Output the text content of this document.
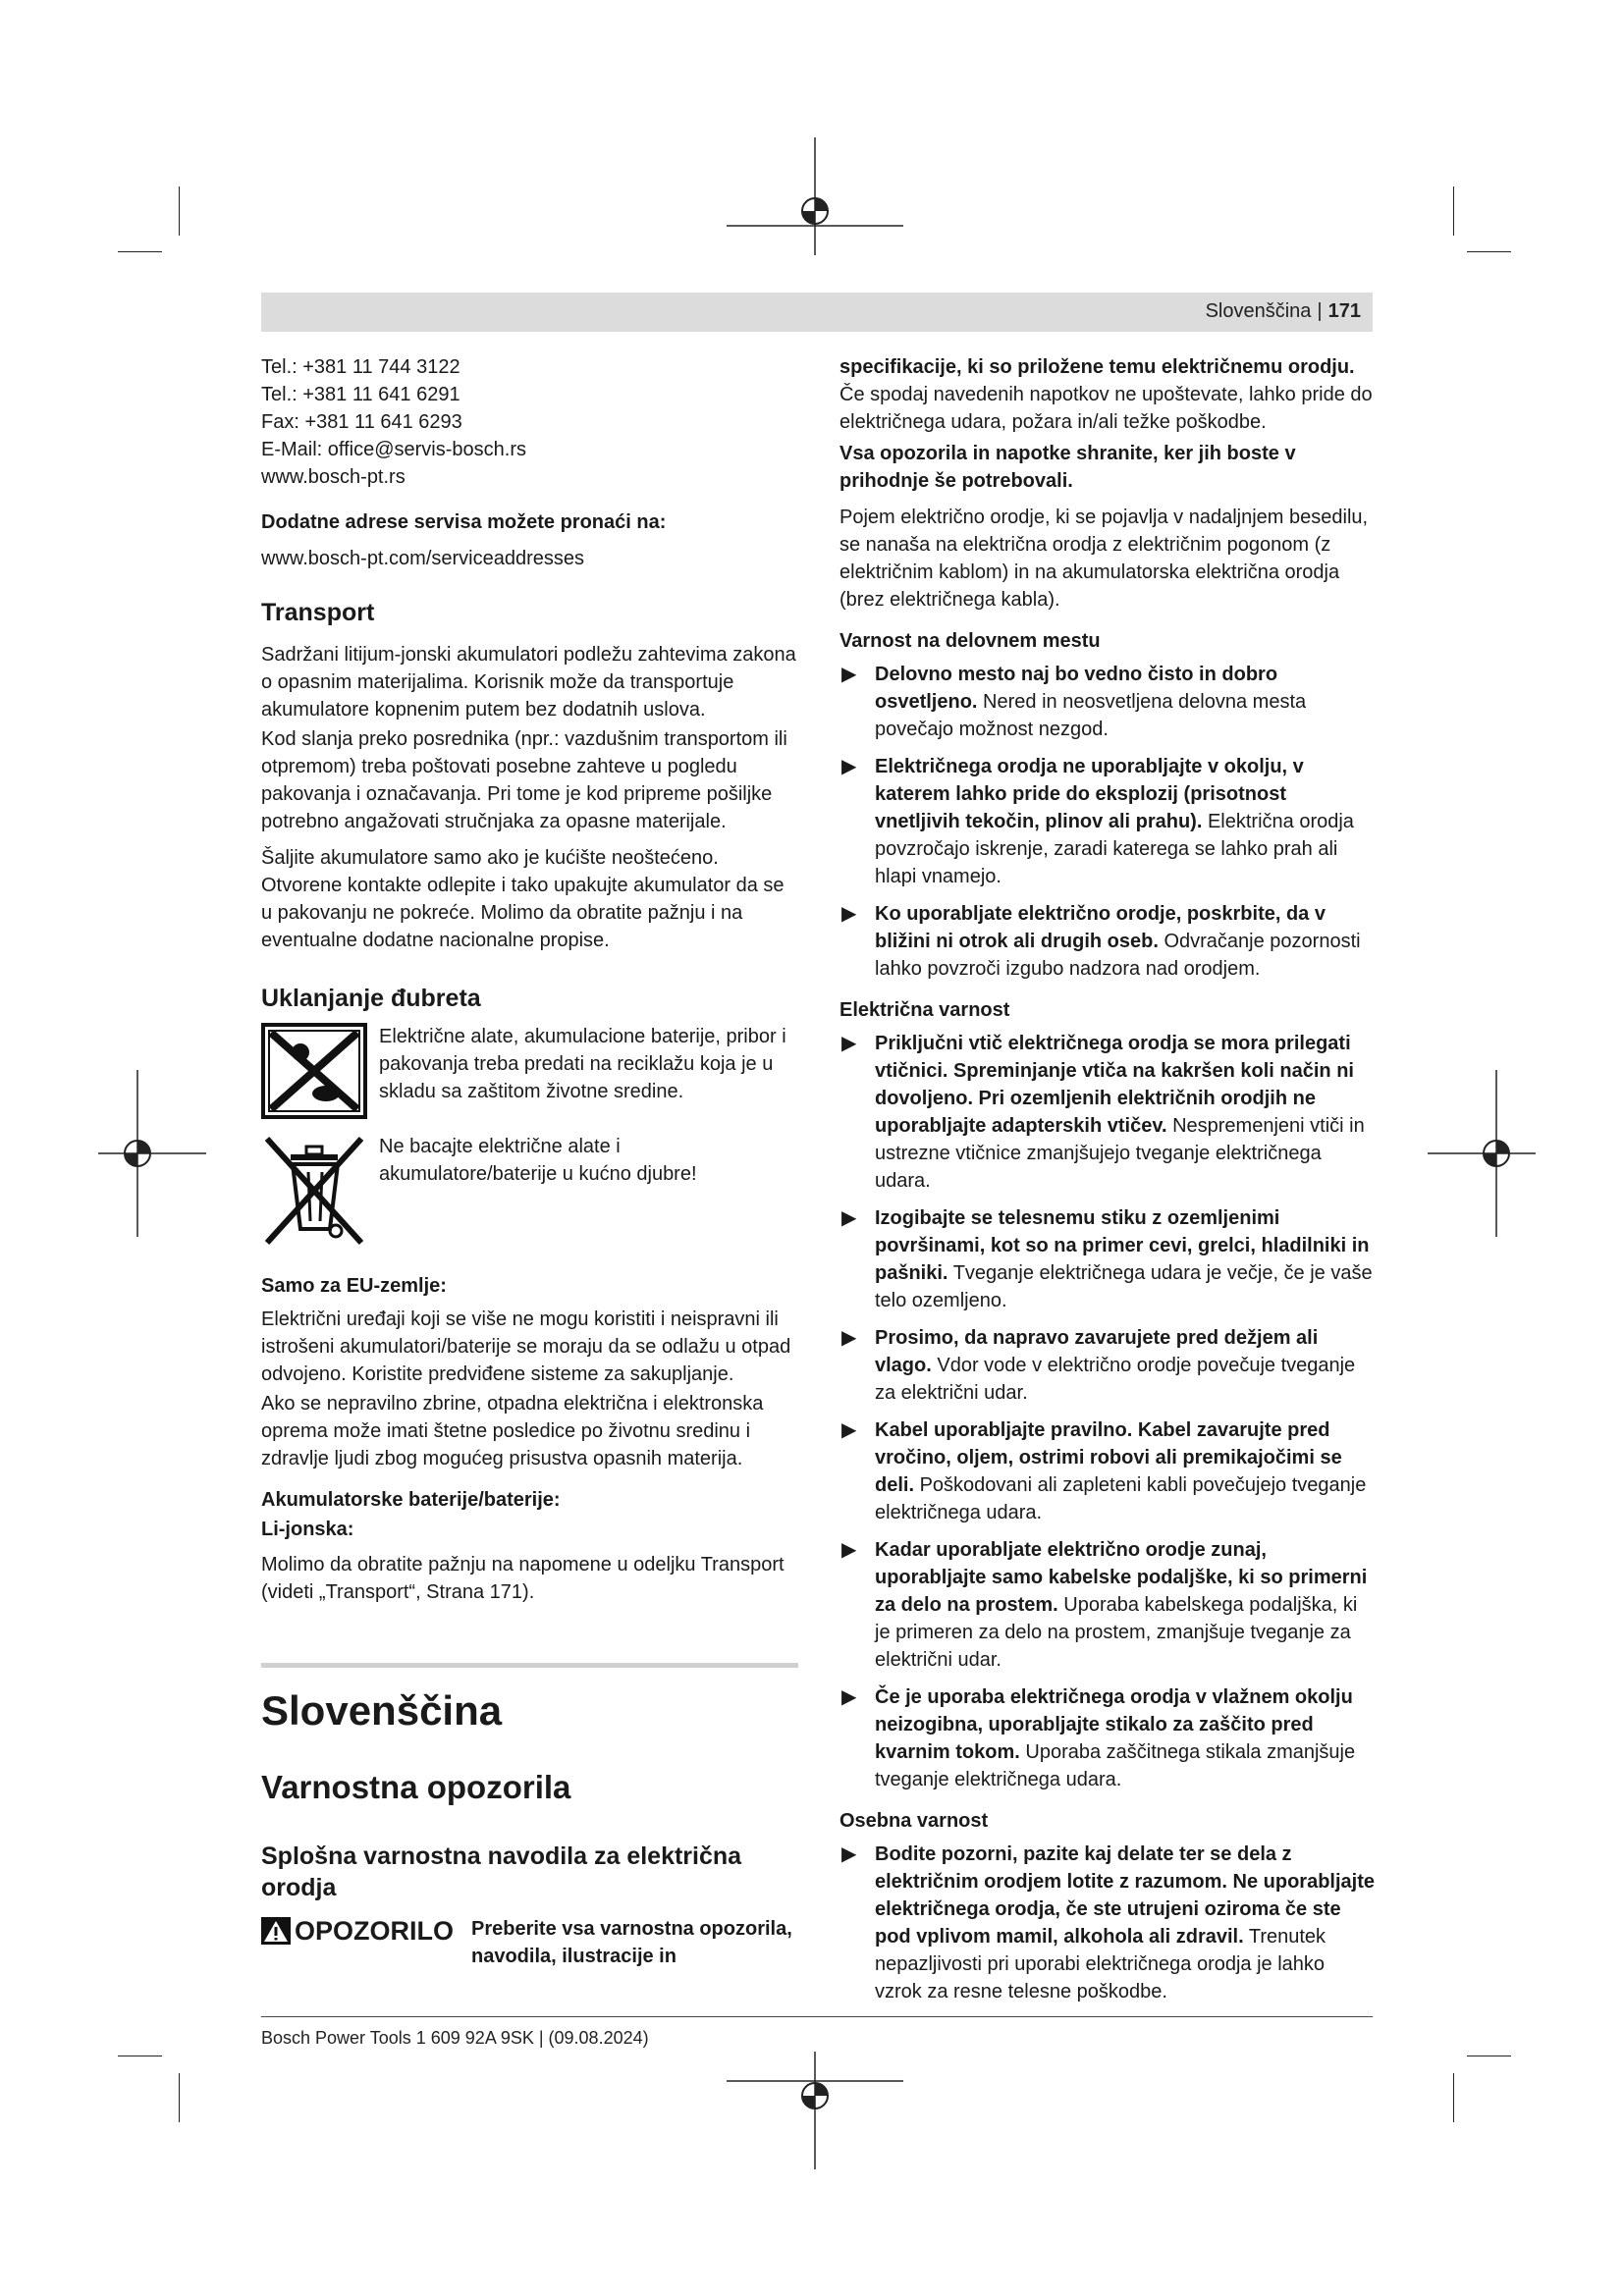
Slovenščina | 171

Tel.: +381 11 744 3122

Tel.: +381 11 641 6291

Fax: +381 11 641 6293

E-Mail: office@servis-bosch.rs

www.bosch-pt.rs

Dodatne adrese servisa možete pronaći na:

www.bosch-pt.com/serviceaddresses

Transport

Sadržani litijum-jonski akumulatori podležu zahtevima zakona o opasnim materijalima. Korisnik može da transportuje akumulatore kopnenim putem bez dodatnih uslova.

Kod slanja preko posrednika (npr.: vazdušnim transportom ili otpremom) treba poštovati posebne zahteve u pogledu pakovanja i označavanja. Pri tome je kod pripreme pošiljke potrebno angažovati stručnjaka za opasne materijale.

Šaljite akumulatore samo ako je kućište neoštećeno. Otvorene kontakte odlepite i tako upakujte akumulator da se u pakovanju ne pokreće. Molimo da obratite pažnju i na eventualne dodatne nacionalne propise.

Uklanjanje đubreta

Električne alate, akumulacione baterije, pribor i pakovanja treba predati na reciklažu koja je u skladu sa zaštitom životne sredine.

Ne bacajte električne alate i akumulatore/baterije u kućno djubre!

Samo za EU-zemlje:

Električni uređaji koji se više ne mogu koristiti i neispravni ili istrošeni akumulatori/baterije se moraju da se odlažu u otpad odvojeno. Koristite predviđene sisteme za sakupljanje.

Ako se nepravilno zbrine, otpadna električna i elektronska oprema može imati štetne posledice po životnu sredinu i zdravlje ljudi zbog mogućeg prisustva opasnih materija.

Akumulatorske baterije/baterije:
Li-jonska:

Molimo da obratite pažnju na napomene u odeljku Transport (videti „Transport“, Strana 171).

Slovenščina
Varnostna opozorila
Splošna varnostna navodila za električna orodja
OPOZORILO Preberite vsa varnostna opozorila, navodila, ilustracije in

specifikacije, ki so priložene temu električnemu orodju. Če spodaj navedenih napotkov ne upoštevate, lahko pride do električnega udara, požara in/ali težke poškodbe.

Vsa opozorila in napotke shranite, ker jih boste v prihodnje še potrebovali.

Pojem električno orodje, ki se pojavlja v nadaljnjem besedilu, se nanaša na električna orodja z električnim pogonom (z električnim kablom) in na akumulatorska električna orodja (brez električnega kabla).

Varnost na delovnem mestu
▶ Delovno mesto naj bo vedno čisto in dobro osvetljeno. Nered in neosvetljena delovna mesta povečajo možnost nezgod.
▶ Električnega orodja ne uporabljajte v okolju, v katerem lahko pride do eksplozij (prisotnost vnetljivih tekočin, plinov ali prahu). Električna orodja povzročajo iskrenje, zaradi katerega se lahko prah ali hlapi vnamejo.
▶ Ko uporabljate električno orodje, poskrbite, da v bližini ni otrok ali drugih oseb. Odvračanje pozornosti lahko povzroči izgubo nadzora nad orodjem.
Električna varnost
▶ Priključni vtič električnega orodja se mora prilegati vtičnici. Spreminjanje vtiča na kakršen koli način ni dovoljeno. Pri ozemljenih električnih orodjih ne uporabljajte adapterskih vtičev. Nespremenjeni vtiči in ustrezne vtičnice zmanjšujejo tveganje električnega udara.
▶ Izogibajte se telesnemu stiku z ozemljenimi površinami, kot so na primer cevi, grelci, hladilniki in pašniki. Tveganje električnega udara je večje, če je vaše telo ozemljeno.
▶ Prosimo, da napravo zavarujete pred dežjem ali vlago. Vdor vode v električno orodje povečuje tveganje za električni udar.
▶ Kabel uporabljajte pravilno. Kabel zavarujte pred vročino, oljem, ostrimi robovi ali premikajočimi se deli. Poškodovani ali zapleteni kabli povečujejo tveganje električnega udara.
▶ Kadar uporabljate električno orodje zunaj, uporabljajte samo kabelske podaljške, ki so primerni za delo na prostem. Uporaba kabelskega podaljška, ki je primeren za delo na prostem, zmanjšuje tveganje za električni udar.
▶ Če je uporaba električnega orodja v vlažnem okolju neizogibna, uporabljajte stikalo za zaščito pred kvarnim tokom. Uporaba zaščitnega stikala zmanjšuje tveganje električnega udara.
Osebna varnost
▶ Bodite pozorni, pazite kaj delate ter se dela z električnim orodjem lotite z razumom. Ne uporabljajte električnega orodja, če ste utrujeni oziroma če ste pod vplivom mamil, alkohola ali zdravil. Trenutek nepazljivosti pri uporabi električnega orodja je lahko vzrok za resne telesne poškodbe.
Bosch Power Tools 1 609 92A 9SK | (09.08.2024)
